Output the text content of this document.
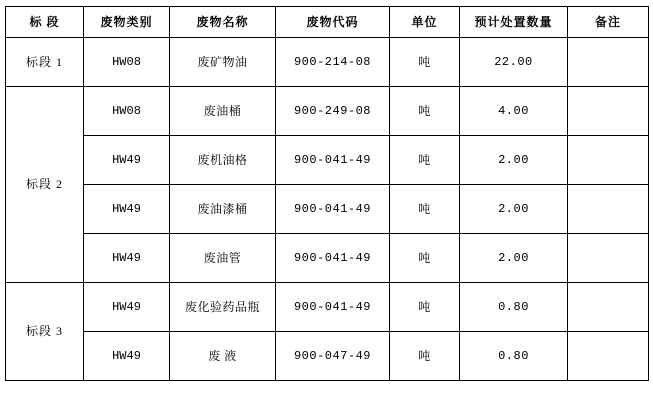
标 段	废物类别	废物名称	废物代码	单位	预计处置数量	备注
标段 1	HW08	废矿物油	900-214-08	吨	22.00	
标段 2	HW08	废油桶	900-249-08	吨	4.00	
	HW49	废机油格	900-041-49	吨	2.00	
	HW49	废油漆桶	900-041-49	吨	2.00	
	HW49	废油管	900-041-49	吨	2.00	
标段 3	HW49	废化验药品瓶	900-041-49	吨	0.80	
	HW49	废 液	900-047-49	吨	0.80	
